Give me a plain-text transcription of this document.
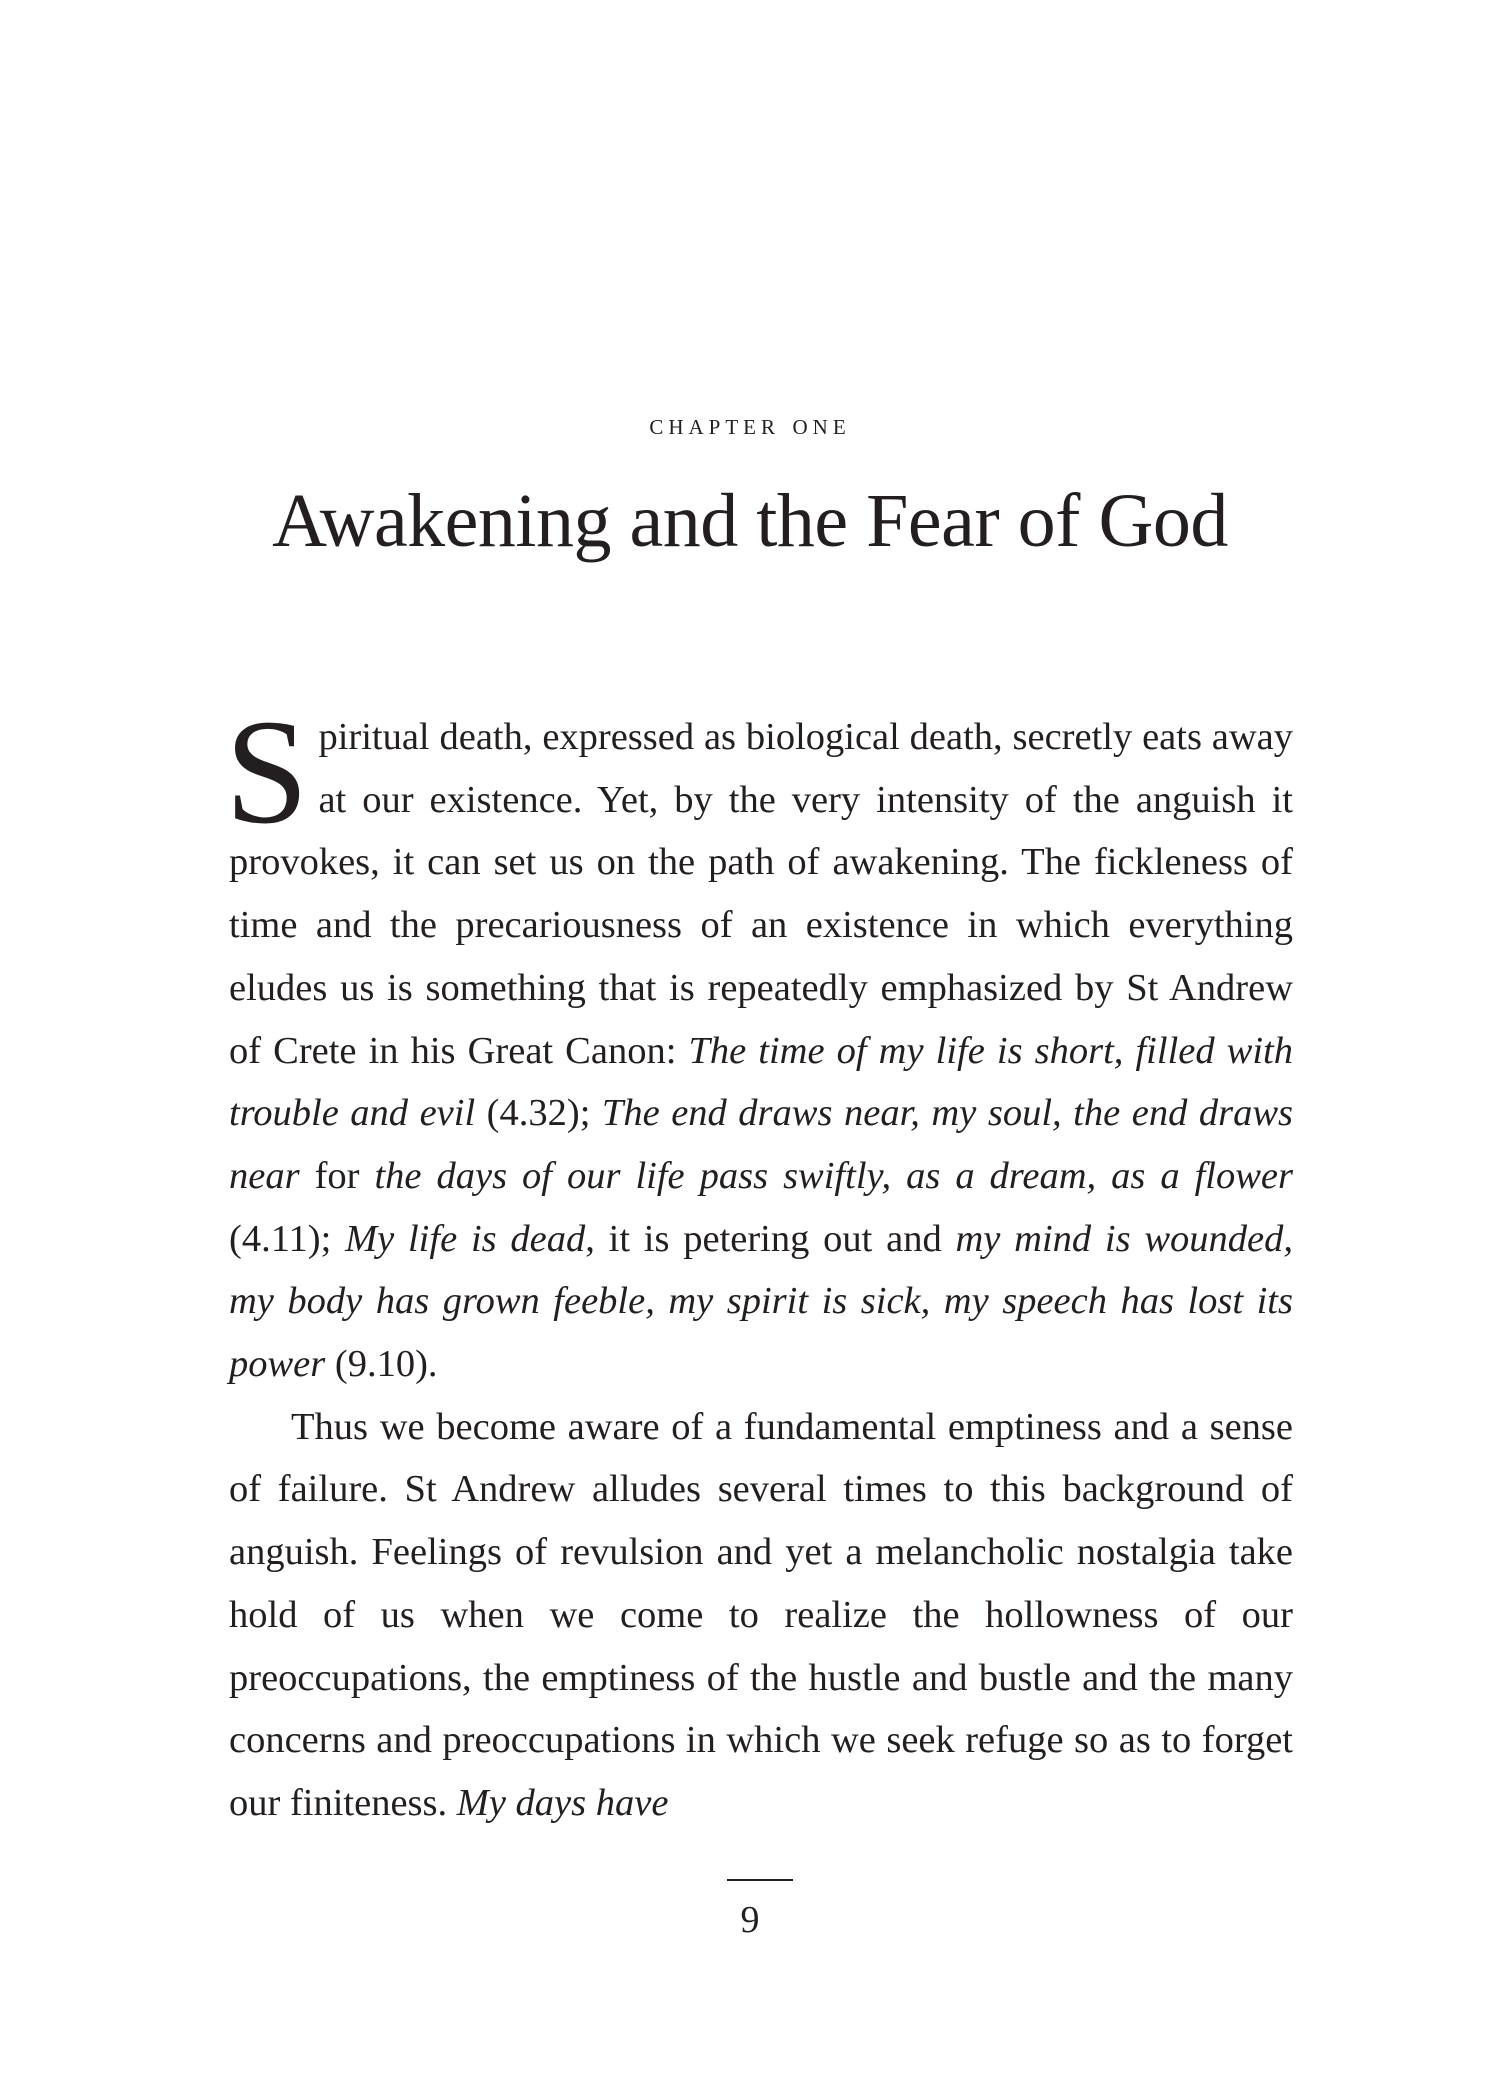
chapter one
Awakening and the Fear of God

Spiritual death, expressed as biological death, secretly eats away at our existence. Yet, by the very intensity of the anguish it provokes, it can set us on the path of awakening. The fickleness of time and the precariousness of an existence in which everything eludes us is something that is repeatedly emphasized by St Andrew of Crete in his Great Canon: The time of my life is short, filled with trouble and evil (4.32); The end draws near, my soul, the end draws near for the days of our life pass swiftly, as a dream, as a flower (4.11); My life is dead, it is petering out and my mind is wounded, my body has grown feeble, my spirit is sick, my speech has lost its power (9.10).

Thus we become aware of a fundamental emptiness and a sense of failure. St Andrew alludes several times to this background of anguish. Feelings of revulsion and yet a melancholic nostalgia take hold of us when we come to realize the hollowness of our preoccupations, the emptiness of the hustle and bustle and the many concerns and preoccupations in which we seek refuge so as to forget our finiteness. My days have

9
